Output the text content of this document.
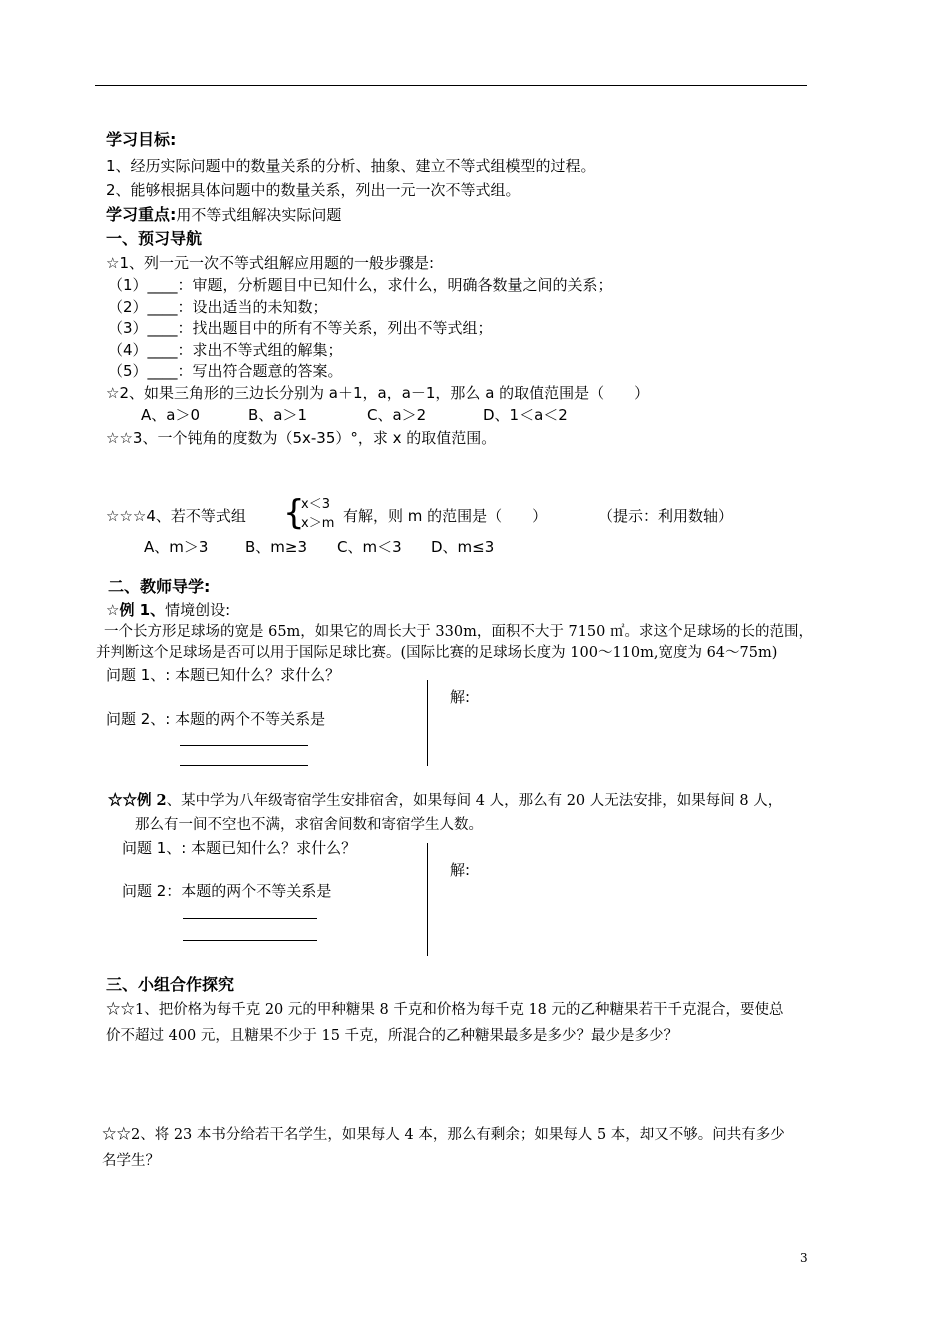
学习目标:
1、经历实际问题中的数量关系的分析、抽象、建立不等式组模型的过程。
2、能够根据具体问题中的数量关系，列出一元一次不等式组。
学习重点:用不等式组解决实际问题
一、预习导航
☆1、列一元一次不等式组解应用题的一般步骤是:
（1）____：审题，分析题目中已知什么，求什么，明确各数量之间的关系；
（2）____：设出适当的未知数；
（3）____：找出题目中的所有不等关系，列出不等式组；
（4）____：求出不等式组的解集；
（5）____：写出符合题意的答案。
☆2、如果三角形的三边长分别为 a＋1，a，a－1，那么 a 的取值范围是（　　）
A、a＞0	B、a＞1	C、a＞2	D、1＜a＜2
☆☆3、一个钝角的度数为（5x-35）°，求 x 的取值范围。
☆☆☆4、若不等式组 {
x＜3
x＞m 有解，则 m 的范围是（　　）	（提示：利用数轴）
A、m＞3 B、m≥3 C、m＜3 D、m≤3
二、教师导学:
☆例 1、情境创设:
一个长方形足球场的宽是 65m，如果它的周长大于 330m，面积不大于 7150 ㎡。求这个足球场的长的范围，
并判断这个足球场是否可以用于国际足球比赛。(国际比赛的足球场长度为 100～110m,宽度为 64～75m)
问题 1、: 本题已知什么？求什么？
问题 2、: 本题的两个不等关系是
解:
☆☆例 2、某中学为八年级寄宿学生安排宿舍，如果每间 4 人，那么有 20 人无法安排，如果每间 8 人，
那么有一间不空也不满，求宿舍间数和寄宿学生人数。
问题 1、: 本题已知什么？求什么？
问题 2：本题的两个不等关系是
解:
三、小组合作探究
☆☆1、把价格为每千克 20 元的甲种糖果 8 千克和价格为每千克 18 元的乙种糖果若干千克混合，要使总
价不超过 400 元，且糖果不少于 15 千克，所混合的乙种糖果最多是多少？最少是多少？
☆☆2、将 23 本书分给若干名学生，如果每人 4 本，那么有剩余；如果每人 5 本，却又不够。问共有多少
名学生？
3
